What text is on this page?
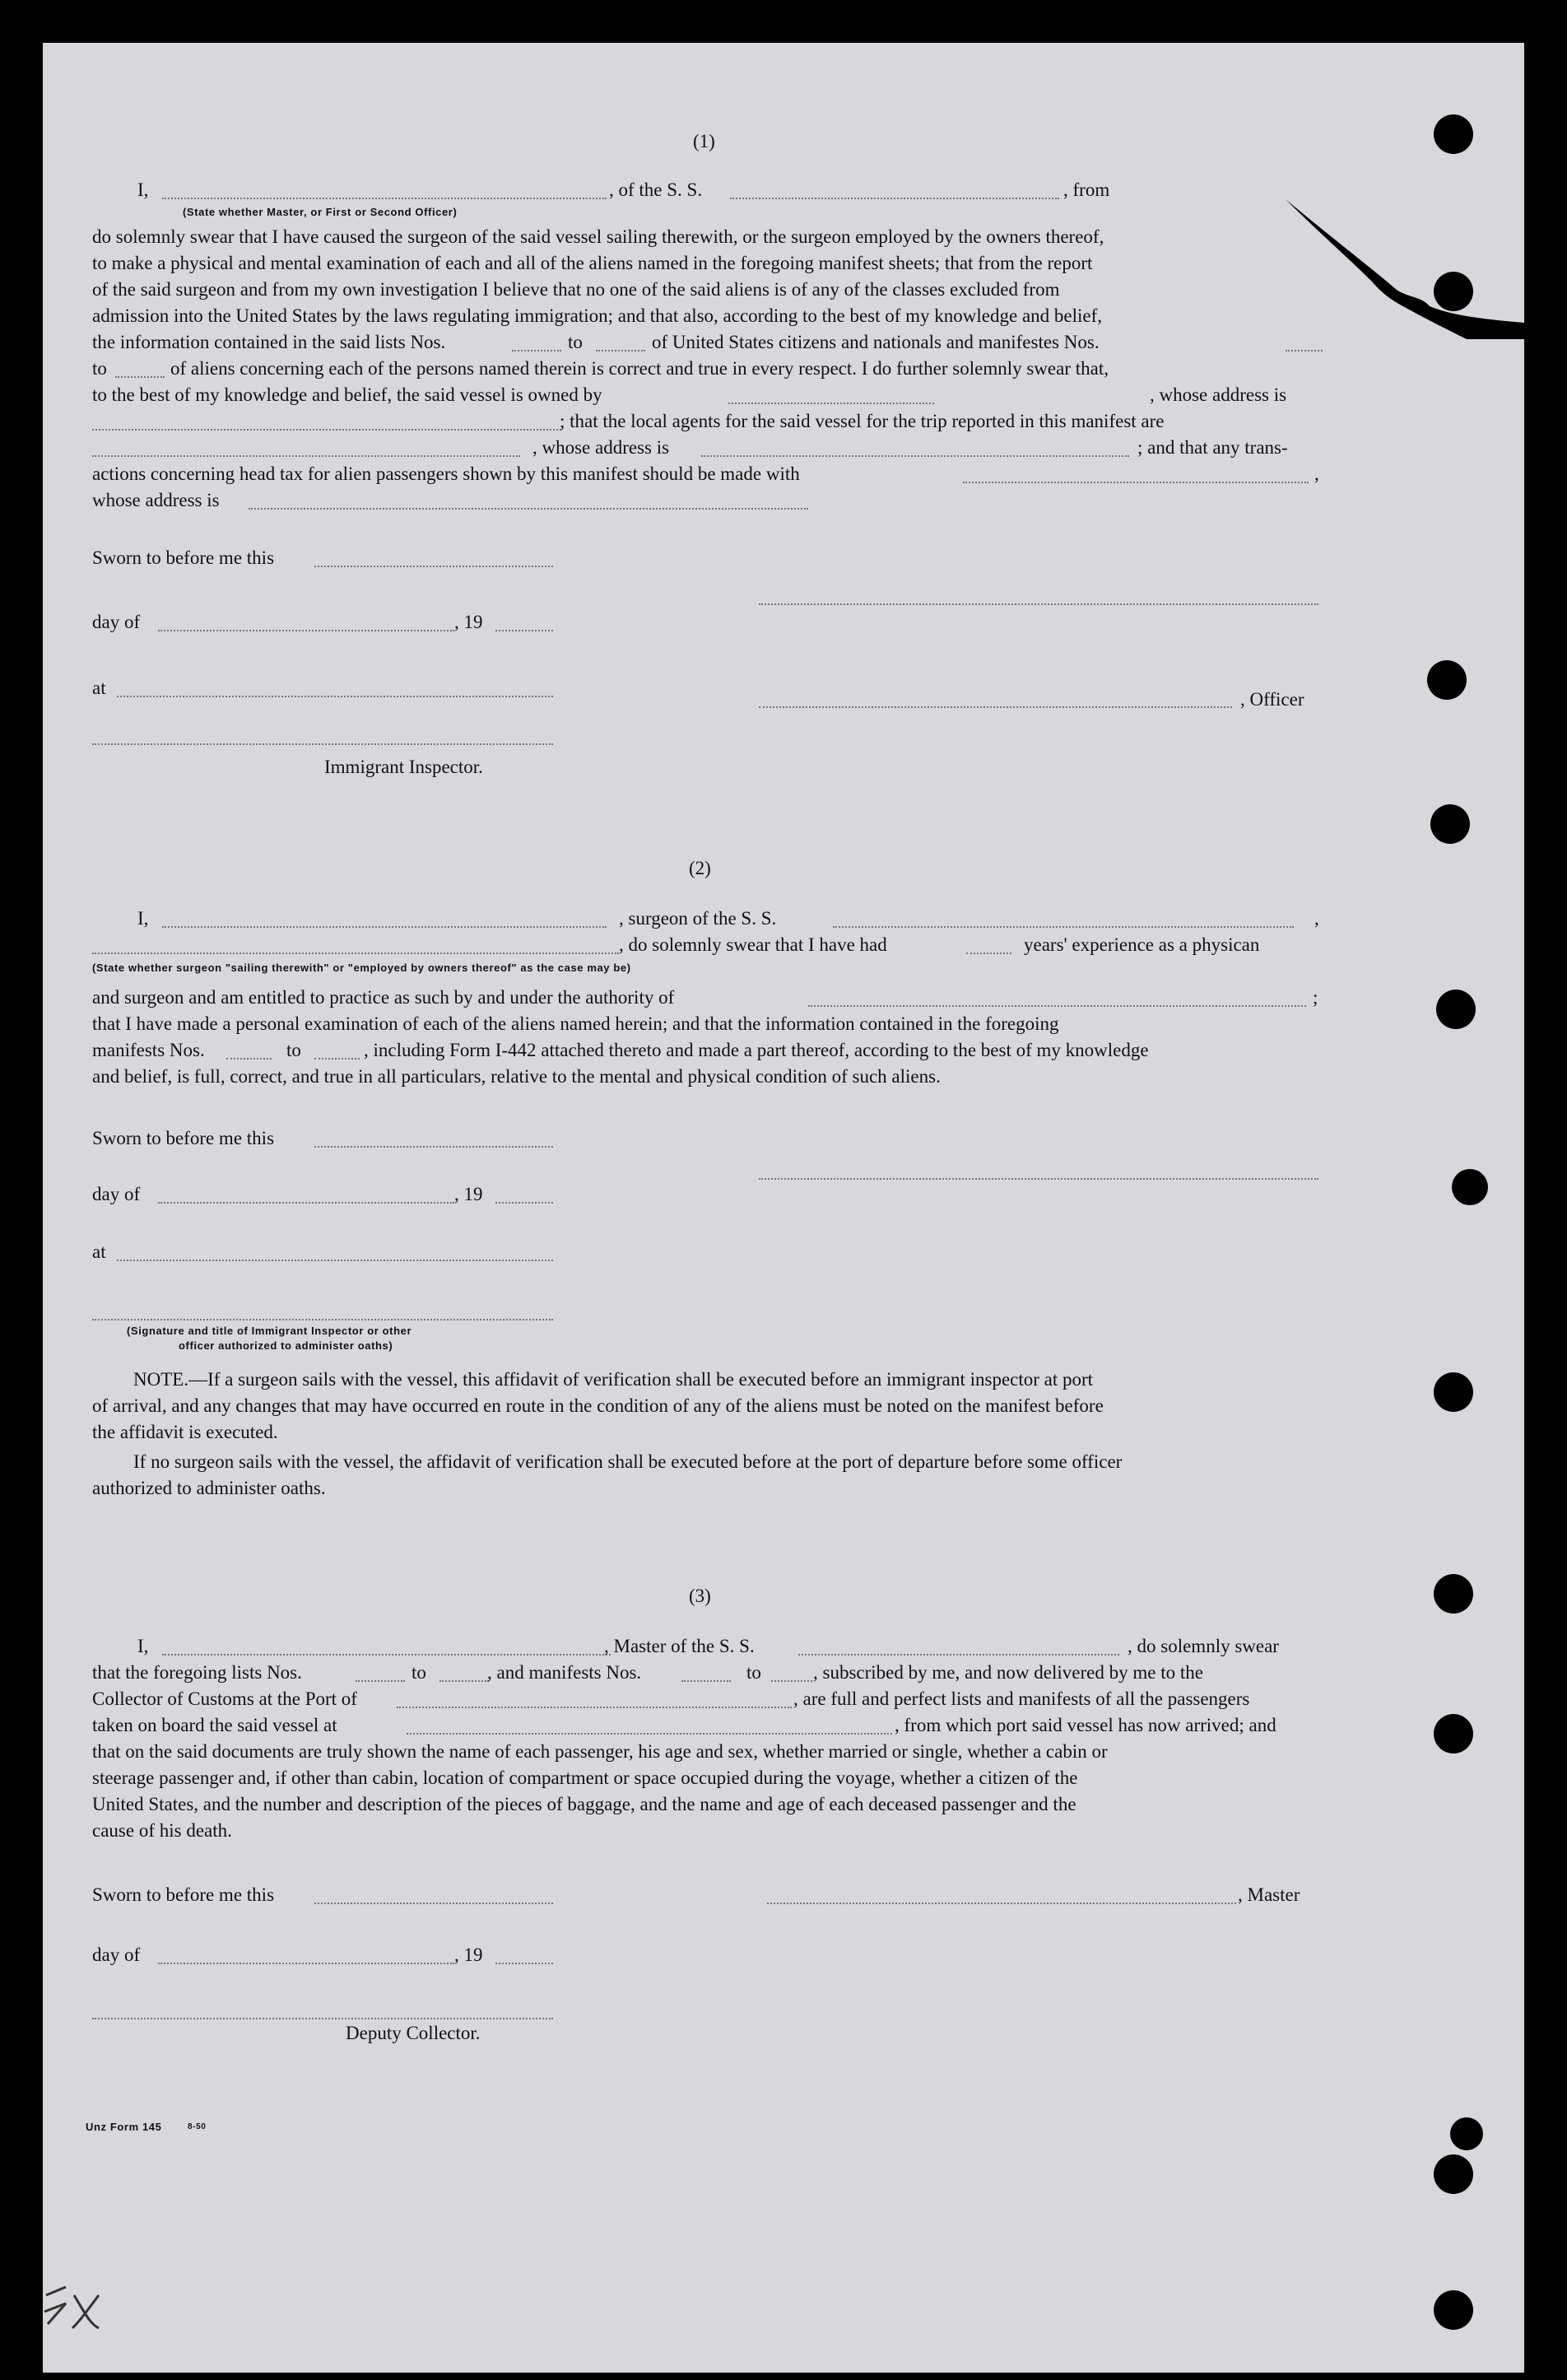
(1)
I,	, of the S. S.	, from
(State whether Master, or First or Second Officer)
do solemnly swear that I have caused the surgeon of the said vessel sailing therewith, or the surgeon employed by the owners thereof,
to make a physical and mental examination of each and all of the aliens named in the foregoing manifest sheets; that from the report
of the said surgeon and from my own investigation I believe that no one of the said aliens is of any of the classes excluded from
admission into the United States by the laws regulating immigration; and that also, according to the best of my knowledge and belief,
the information contained in the said lists Nos.	to	of United States citizens and nationals and manifestes Nos.
to	of aliens concerning each of the persons named therein is correct and true in every respect. I do further solemnly swear that,
to the best of my knowledge and belief, the said vessel is owned by	, whose address is
; that the local agents for the said vessel for the trip reported in this manifest are
, whose address is	; and that any trans-
actions concerning head tax for alien passengers shown by this manifest should be made with	,
whose address is
Sworn to before me this
day of	, 19
at
, Officer
Immigrant Inspector.
(2)
I,	, surgeon of the S. S.	,
, do solemnly swear that I have had	years' experience as a physican
(State whether surgeon "sailing therewith" or "employed by owners thereof" as the case may be)
and surgeon and am entitled to practice as such by and under the authority of	;
that I have made a personal examination of each of the aliens named herein; and that the information contained in the foregoing
manifests Nos.	to	, including Form I-442 attached thereto and made a part thereof, according to the best of my knowledge
and belief, is full, correct, and true in all particulars, relative to the mental and physical condition of such aliens.
Sworn to before me this
day of	, 19
at
(Signature and title of Immigrant Inspector or other
officer authorized to administer oaths)
NOTE.—If a surgeon sails with the vessel, this affidavit of verification shall be executed before an immigrant inspector at port
of arrival, and any changes that may have occurred en route in the condition of any of the aliens must be noted on the manifest before
the affidavit is executed.
If no surgeon sails with the vessel, the affidavit of verification shall be executed before at the port of departure before some officer
authorized to administer oaths.
(3)
I,	, Master of the S. S.	, do solemnly swear
that the foregoing lists Nos.	to	, and manifests Nos.	to	, subscribed by me, and now delivered by me to the
Collector of Customs at the Port of	, are full and perfect lists and manifests of all the passengers
taken on board the said vessel at	, from which port said vessel has now arrived; and
that on the said documents are truly shown the name of each passenger, his age and sex, whether married or single, whether a cabin or
steerage passenger and, if other than cabin, location of compartment or space occupied during the voyage, whether a citizen of the
United States, and the number and description of the pieces of baggage, and the name and age of each deceased passenger and the
cause of his death.
Sworn to before me this	, Master
day of	, 19
Deputy Collector.
Unz Form 145	8-50
